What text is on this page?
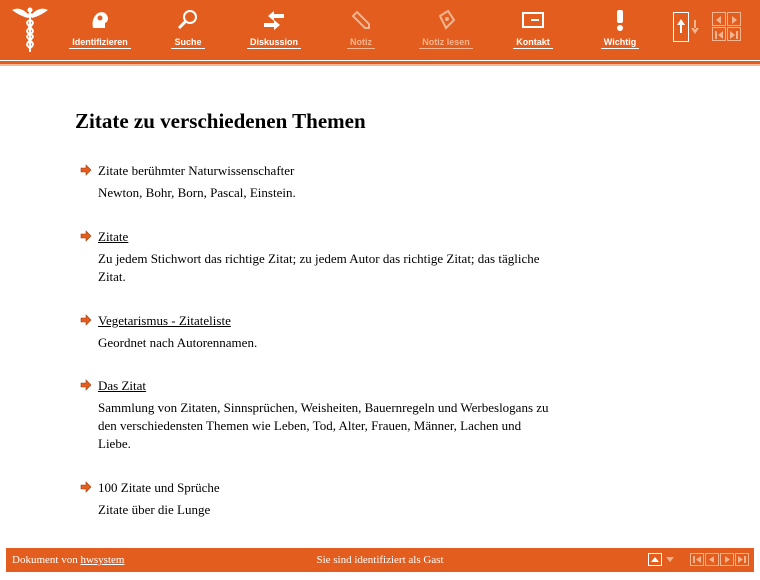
Identifizieren	Suche	Diskussion	Notiz	Notiz lesen	Kontakt	Wichtig
Zitate zu verschiedenen Themen
Zitate berühmter Naturwissenschafter
Newton, Bohr, Born, Pascal, Einstein.
Zitate
Zu jedem Stichwort das richtige Zitat; zu jedem Autor das richtige Zitat; das tägliche Zitat.
Vegetarismus - Zitateliste
Geordnet nach Autorennamen.
Das Zitat
Sammlung von Zitaten, Sinnsprüchen, Weisheiten, Bauernregeln und Werbeslogans zu den verschiedensten Themen wie Leben, Tod, Alter, Frauen, Männer, Lachen und Liebe.
100 Zitate und Sprüche
Zitate über die Lunge
Dokument von hwsystem	Sie sind identifiziert als Gast
